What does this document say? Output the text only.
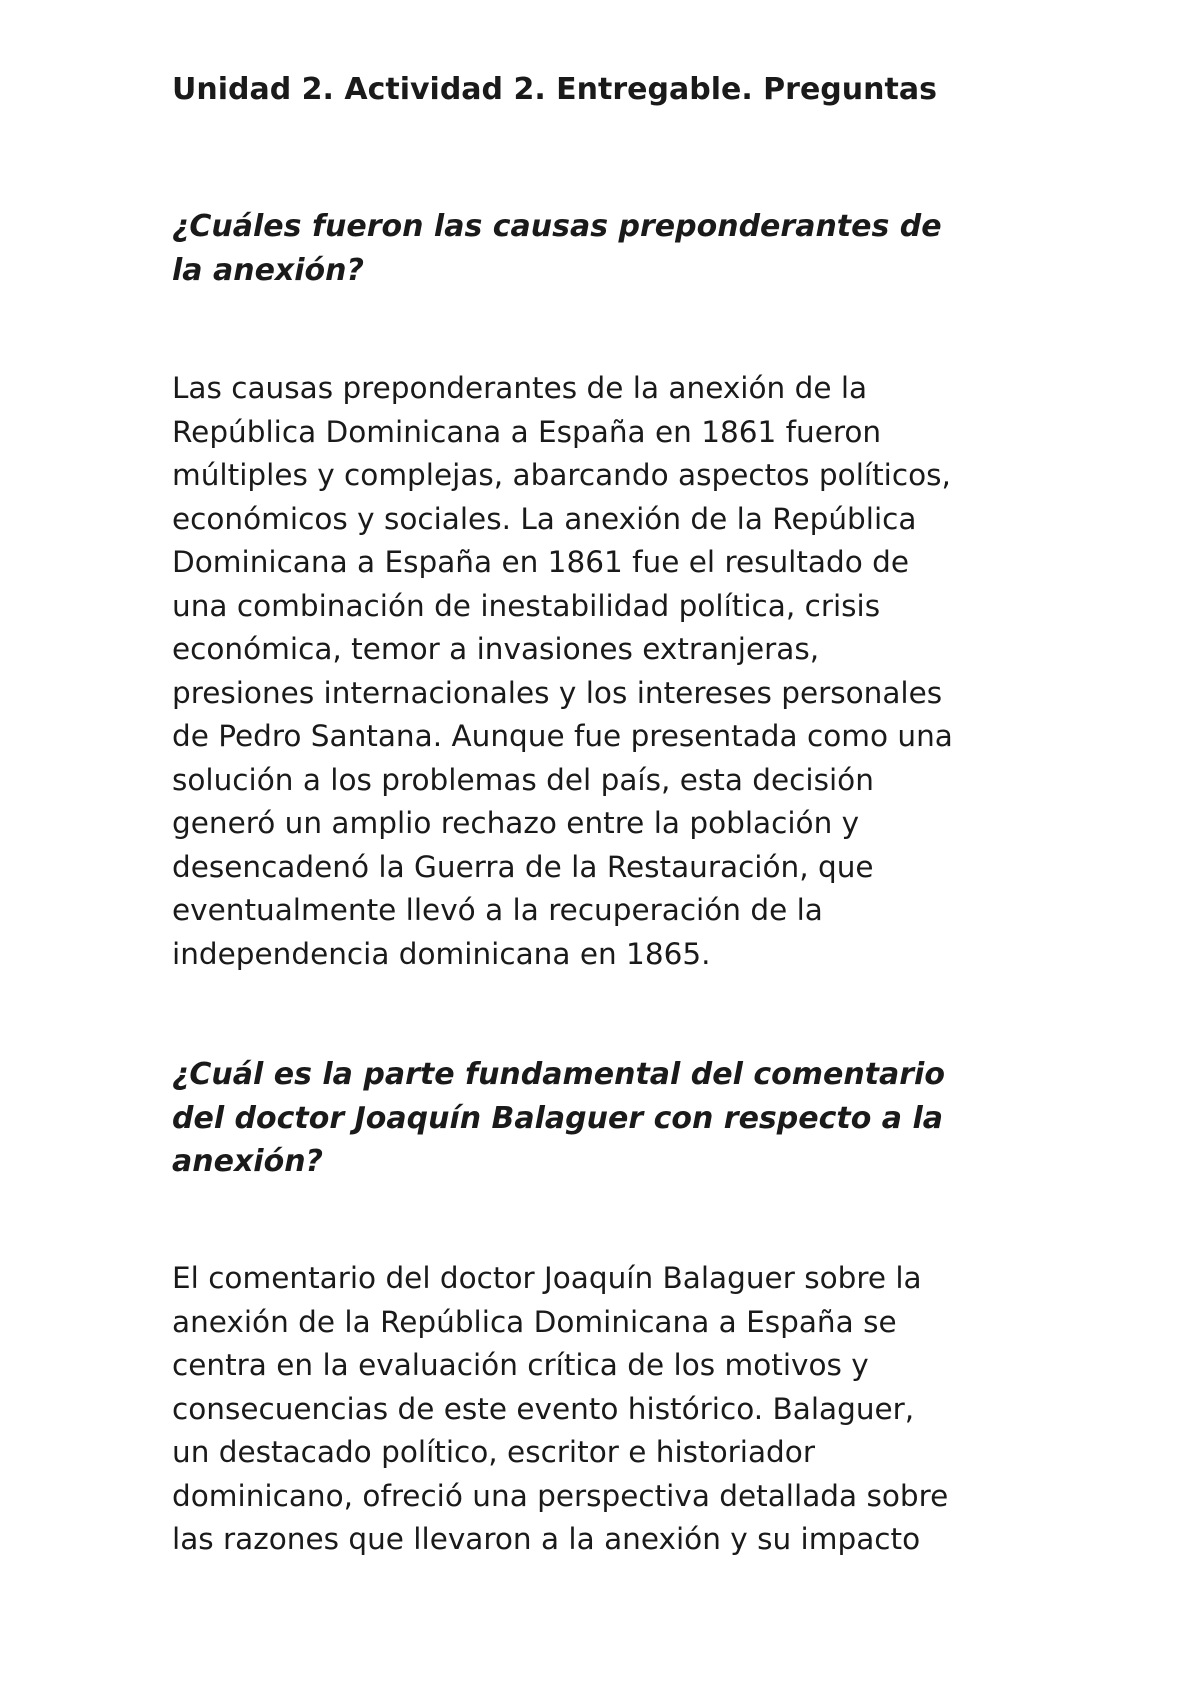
Unidad 2. Actividad 2. Entregable. Preguntas
¿Cuáles fueron las causas preponderantes de
la anexión?
Las causas preponderantes de la anexión de la
República Dominicana a España en 1861 fueron
múltiples y complejas, abarcando aspectos políticos,
económicos y sociales. La anexión de la República
Dominicana a España en 1861 fue el resultado de
una combinación de inestabilidad política, crisis
económica, temor a invasiones extranjeras,
presiones internacionales y los intereses personales
de Pedro Santana. Aunque fue presentada como una
solución a los problemas del país, esta decisión
generó un amplio rechazo entre la población y
desencadenó la Guerra de la Restauración, que
eventualmente llevó a la recuperación de la
independencia dominicana en 1865.
¿Cuál es la parte fundamental del comentario
del doctor Joaquín Balaguer con respecto a la
anexión?
El comentario del doctor Joaquín Balaguer sobre la
anexión de la República Dominicana a España se
centra en la evaluación crítica de los motivos y
consecuencias de este evento histórico. Balaguer,
un destacado político, escritor e historiador
dominicano, ofreció una perspectiva detallada sobre
las razones que llevaron a la anexión y su impacto
